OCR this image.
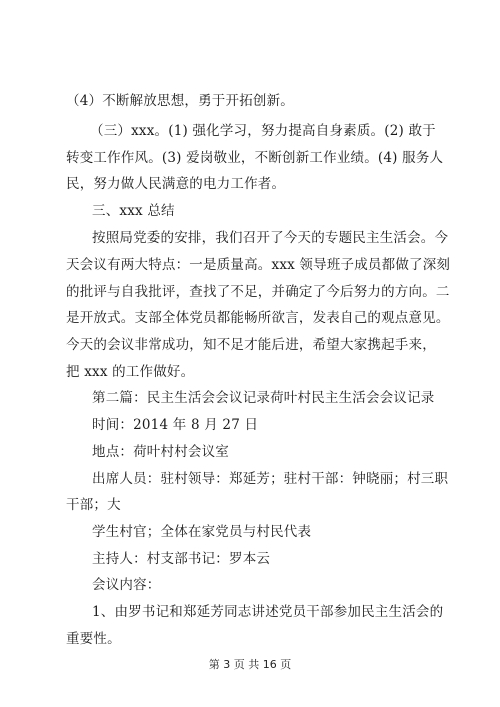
（4）不断解放思想，勇于开拓创新。
（三）xxx。(1) 强化学习，努力提高自身素质。(2) 敢于
转变工作作风。(3) 爱岗敬业，不断创新工作业绩。(4) 服务人
民，努力做人民满意的电力工作者。
三、xxx 总结
按照局党委的安排，我们召开了今天的专题民主生活会。今
天会议有两大特点：一是质量高。xxx 领导班子成员都做了深刻
的批评与自我批评，查找了不足，并确定了今后努力的方向。二
是开放式。支部全体党员都能畅所欲言，发表自己的观点意见。
今天的会议非常成功，知不足才能后进，希望大家携起手来，
把 xxx 的工作做好。
第二篇：民主生活会会议记录荷叶村民主生活会会议记录
时间：2014 年 8 月 27 日
地点：荷叶村村会议室
出席人员：驻村领导：郑延芳；驻村干部：钟晓丽；村三职
干部；大
学生村官；全体在家党员与村民代表
主持人：村支部书记：罗本云
会议内容：
1、由罗书记和郑延芳同志讲述党员干部参加民主生活会的
重要性。
第 3 页 共 16 页
